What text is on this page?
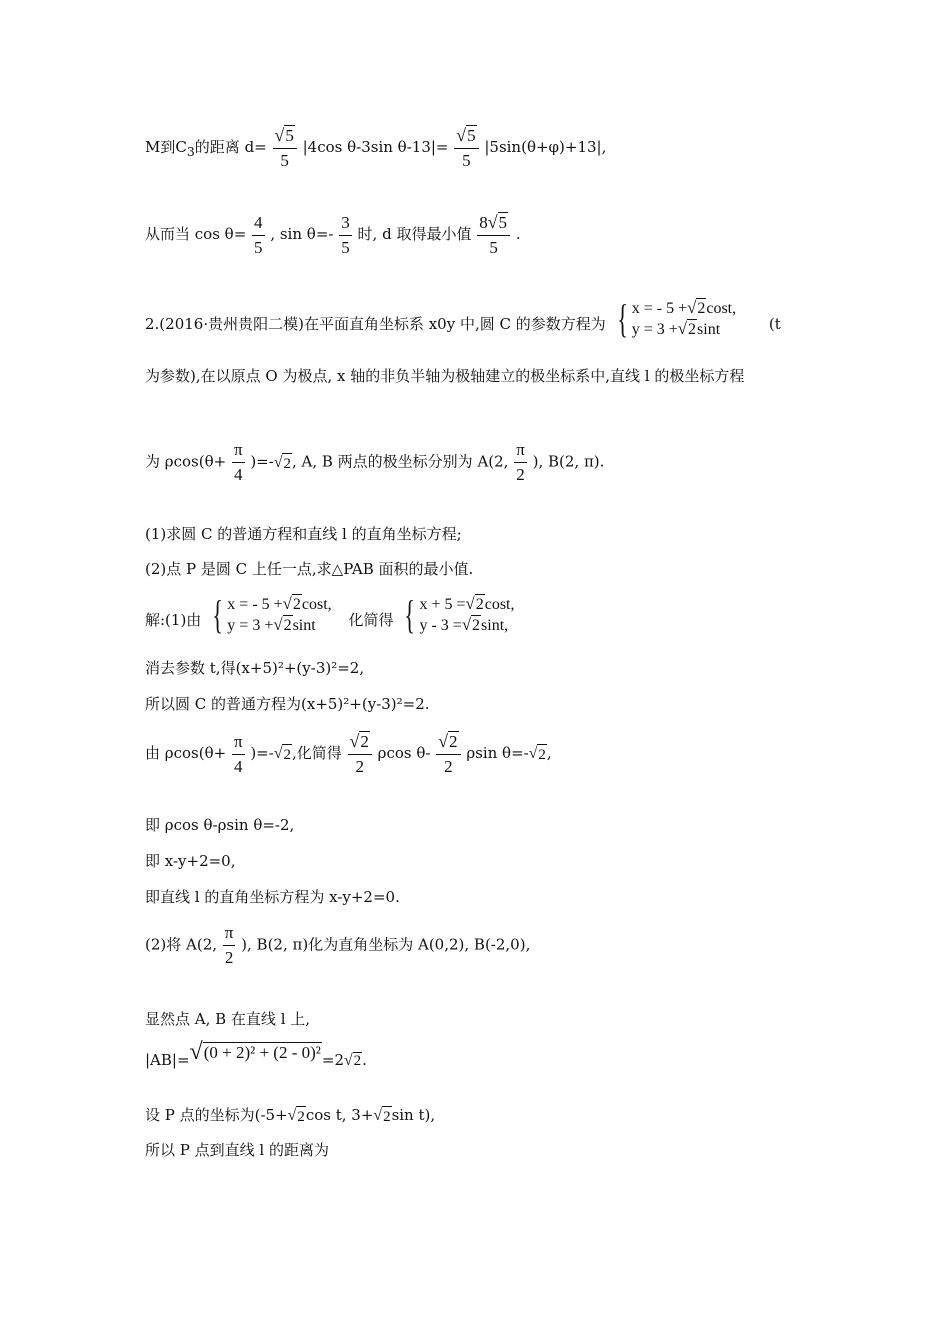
M到$C_3$的距离 $d= \frac{√ 5}{5} |4\cos$ θ-3sin $\theta-13|= \frac{√ 5}{5} |5\sin(\theta+\varphi)+13|$,
从而当 $\cos \theta= \frac{4}{5}$ , $\sin \theta=- \frac{3}{5}$ 时, d 取得最小值 $\frac{8 √ 5}{5}$ .
2.(2016·贵州贵阳二模)在平面直角坐标系 x0y 中,圆 C 的参数方程为 { x = - 5 + √ 2 cost,
y = 3 + √ 2 sint	(t
为参数),在以原点 O 为极点, x 轴的非负半轴为极轴建立的极坐标系中,直线 l 的极坐标方程
为 $\rho\cos(\theta+ \frac{\pi}{4}$ )=- √ 2 , A, B 两点的极坐标分别为 A(2, $\frac{\pi}{2}$ ), B(2, π).
(1)求圆 C 的普通方程和直线 l 的直角坐标方程;
(2)点 P 是圆 C 上任一点,求△PAB 面积的最小值.
解:(1)由 { x = - 5 + √ 2 cost,
y = 3 + √ 2 sint	化简得 { x + 5 = √ 2 cost,
y - 3 = √ 2 sint,
消去参数 t,得(x+5)²+(y-3)²=2,
所以圆 C 的普通方程为(x+5)²+(y-3)²=2.
由 $\rho\cos(\theta+ \frac{\pi}{4}$ )=- √ 2 ,化简得 $\frac{√ 2}{2}$ ρcos $\theta- \frac{√ 2}{2}$ ρsin θ=- √ 2 ,
即 ρcos θ-ρsin θ=-2,
即 x-y+2=0,
即直线 l 的直角坐标方程为 x-y+2=0.
(2)将 A(2, $\frac{\pi}{2}$ ), B(2, π)化为直角坐标为 A(0,2), B(-2,0),
显然点 A, B 在直线 l 上,
|AB|= √ (0 + 2)² + (2 - 0)² =2√2.
设 P 点的坐标为(-5+ √ 2 cos t, 3+ √ 2 sin t),
所以 P 点到直线 l 的距离为
